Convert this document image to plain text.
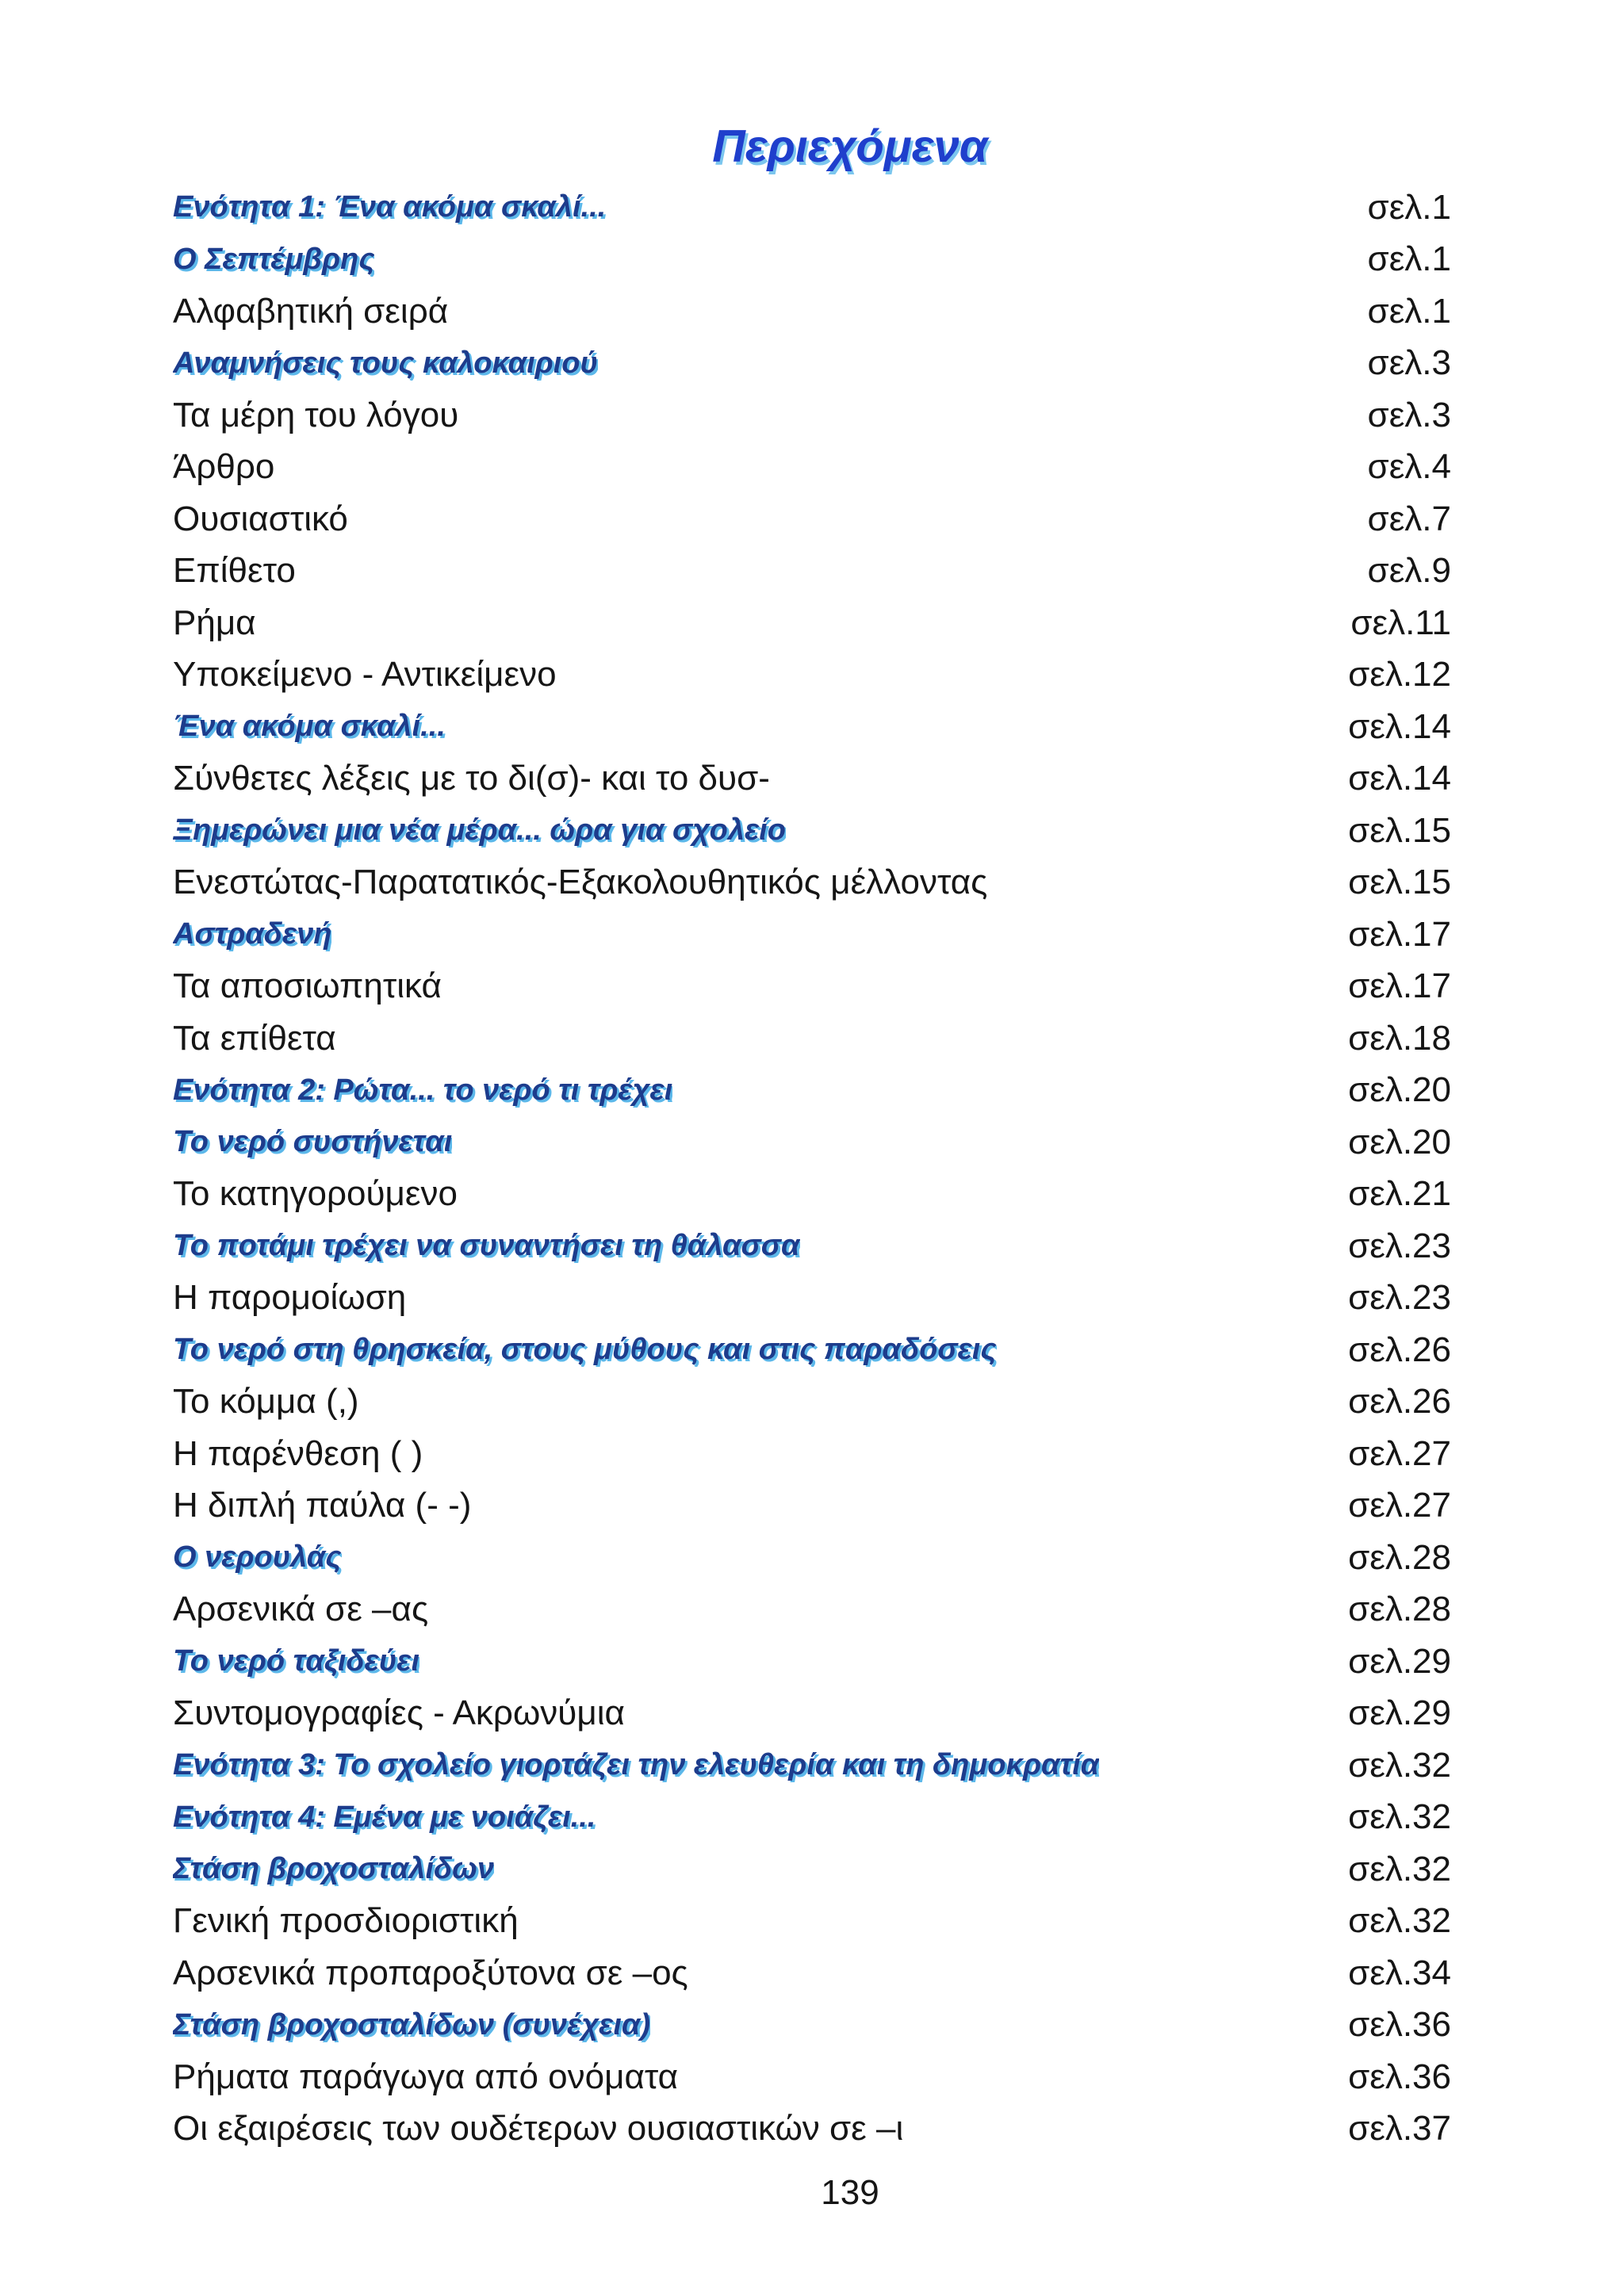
Περιεχόμενα
Ενότητα 1: Ένα ακόμα σκαλί...	σελ.1
Ο Σεπτέμβρης	σελ.1
Αλφαβητική σειρά	σελ.1
Αναμνήσεις τους καλοκαιριού	σελ.3
Τα μέρη του λόγου	σελ.3
Άρθρο	σελ.4
Ουσιαστικό	σελ.7
Επίθετο	σελ.9
Ρήμα	σελ.11
Υποκείμενο - Αντικείμενο	σελ.12
Ένα ακόμα σκαλί...	σελ.14
Σύνθετες λέξεις με το δι(σ)- και το δυσ-	σελ.14
Ξημερώνει μια νέα μέρα... ώρα για σχολείο	σελ.15
Ενεστώτας-Παρατατικός-Εξακολουθητικός μέλλοντας	σελ.15
Αστραδενή	σελ.17
Τα αποσιωπητικά	σελ.17
Τα επίθετα	σελ.18
Ενότητα 2: Ρώτα... το νερό τι τρέχει	σελ.20
Το νερό συστήνεται	σελ.20
Το κατηγορούμενο	σελ.21
Το ποτάμι τρέχει να συναντήσει τη θάλασσα	σελ.23
Η παρομοίωση	σελ.23
Το νερό στη θρησκεία, στους μύθους και στις παραδόσεις	σελ.26
Το κόμμα (,)	σελ.26
Η παρένθεση ( )	σελ.27
Η διπλή παύλα (- -)	σελ.27
Ο νερουλάς	σελ.28
Αρσενικά σε –ας	σελ.28
Το νερό ταξιδεύει	σελ.29
Συντομογραφίες - Ακρωνύμια	σελ.29
Ενότητα 3: Το σχολείο γιορτάζει την ελευθερία και τη δημοκρατία	σελ.32
Ενότητα 4: Εμένα με νοιάζει...	σελ.32
Στάση βροχοσταλίδων	σελ.32
Γενική προσδιοριστική	σελ.32
Αρσενικά προπαροξύτονα σε –ος	σελ.34
Στάση βροχοσταλίδων (συνέχεια)	σελ.36
Ρήματα παράγωγα από ονόματα	σελ.36
Οι εξαιρέσεις των ουδέτερων ουσιαστικών σε –ι	σελ.37
139
